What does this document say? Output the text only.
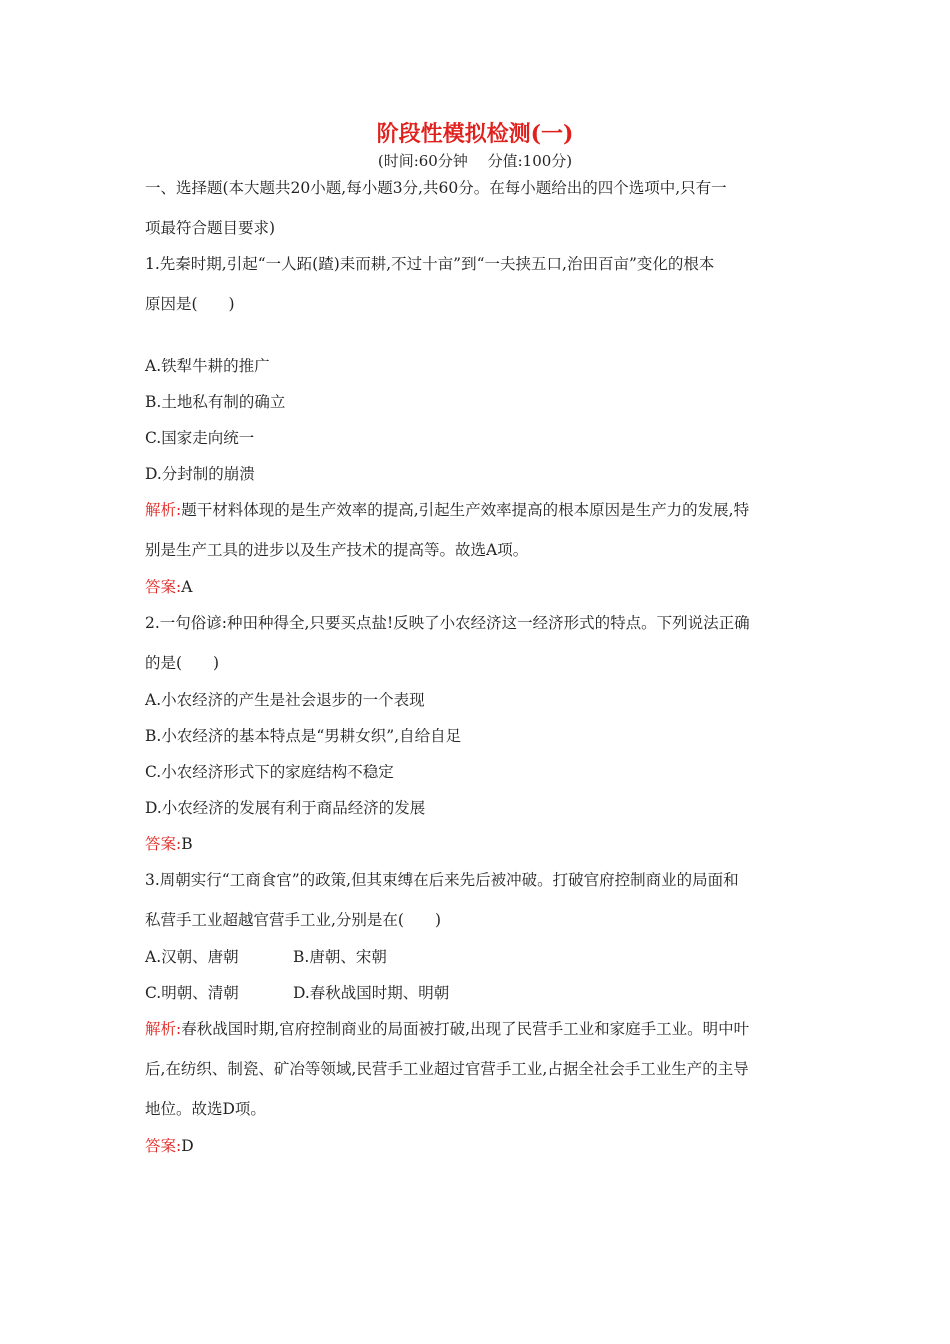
阶段性模拟检测(一)
(时间:60分钟　 分值:100分)
一、选择题(本大题共20小题,每小题3分,共60分。在每小题给出的四个选项中,只有一
项最符合题目要求)
1.先秦时期,引起“一人跖(蹅)耒而耕,不过十亩”到“一夫挟五口,治田百亩”变化的根本
原因是(　　)
A.铁犁牛耕的推广
B.土地私有制的确立
C.国家走向统一
D.分封制的崩溃
解析:题干材料体现的是生产效率的提高,引起生产效率提高的根本原因是生产力的发展,特
别是生产工具的进步以及生产技术的提高等。故选A项。
答案:A
2.一句俗谚:种田种得全,只要买点盐!反映了小农经济这一经济形式的特点。下列说法正确
的是(　　)
A.小农经济的产生是社会退步的一个表现
B.小农经济的基本特点是“男耕女织”,自给自足
C.小农经济形式下的家庭结构不稳定
D.小农经济的发展有利于商品经济的发展
答案:B
3.周朝实行“工商食官”的政策,但其束缚在后来先后被冲破。打破官府控制商业的局面和
私营手工业超越官营手工业,分别是在(　　)
A.汉朝、唐朝	B.唐朝、宋朝
C.明朝、清朝	D.春秋战国时期、明朝
解析:春秋战国时期,官府控制商业的局面被打破,出现了民营手工业和家庭手工业。明中叶
后,在纺织、制瓷、矿冶等领域,民营手工业超过官营手工业,占据全社会手工业生产的主导
地位。故选D项。
答案:D
